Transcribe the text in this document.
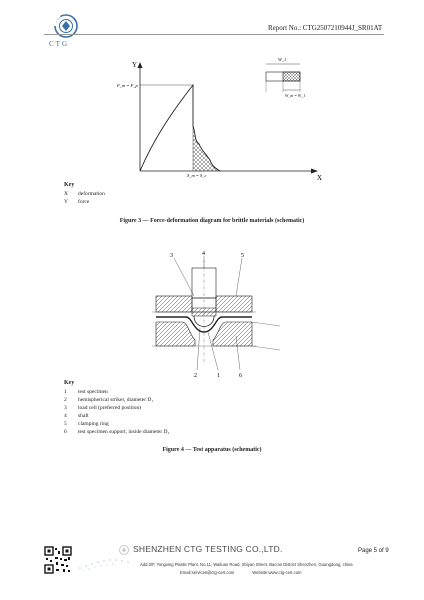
CTG
Report No.: CTG2507210944J_SR01AT
Y
X
F_m = F_p
S_m = S_c
W_1
W_m = W_1
Key
X deformation
Y force
Figure 3 — Force-deformation diagram for brittle materials (schematic)
3	4	5
2	1	6
Key
1 test specimen
2 hemispherical striker, diameter D₁
3 load cell (preferred position)
4 shaft
5 clamping ring
6 test specimen support, inside diameter D₂
Figure 4 — Test apparatus (schematic)
SHENZHEN CTG TESTING CO.,LTD.	Page 5 of 9
Add:3/F, Yongxing Plastic Plant, No.11, Wailuan Road, Shiyan Street, Bao'an District Shenzhen, Guangdong, china
Email:services@ctg-cert.com	Website:www.ctg-cert.com
